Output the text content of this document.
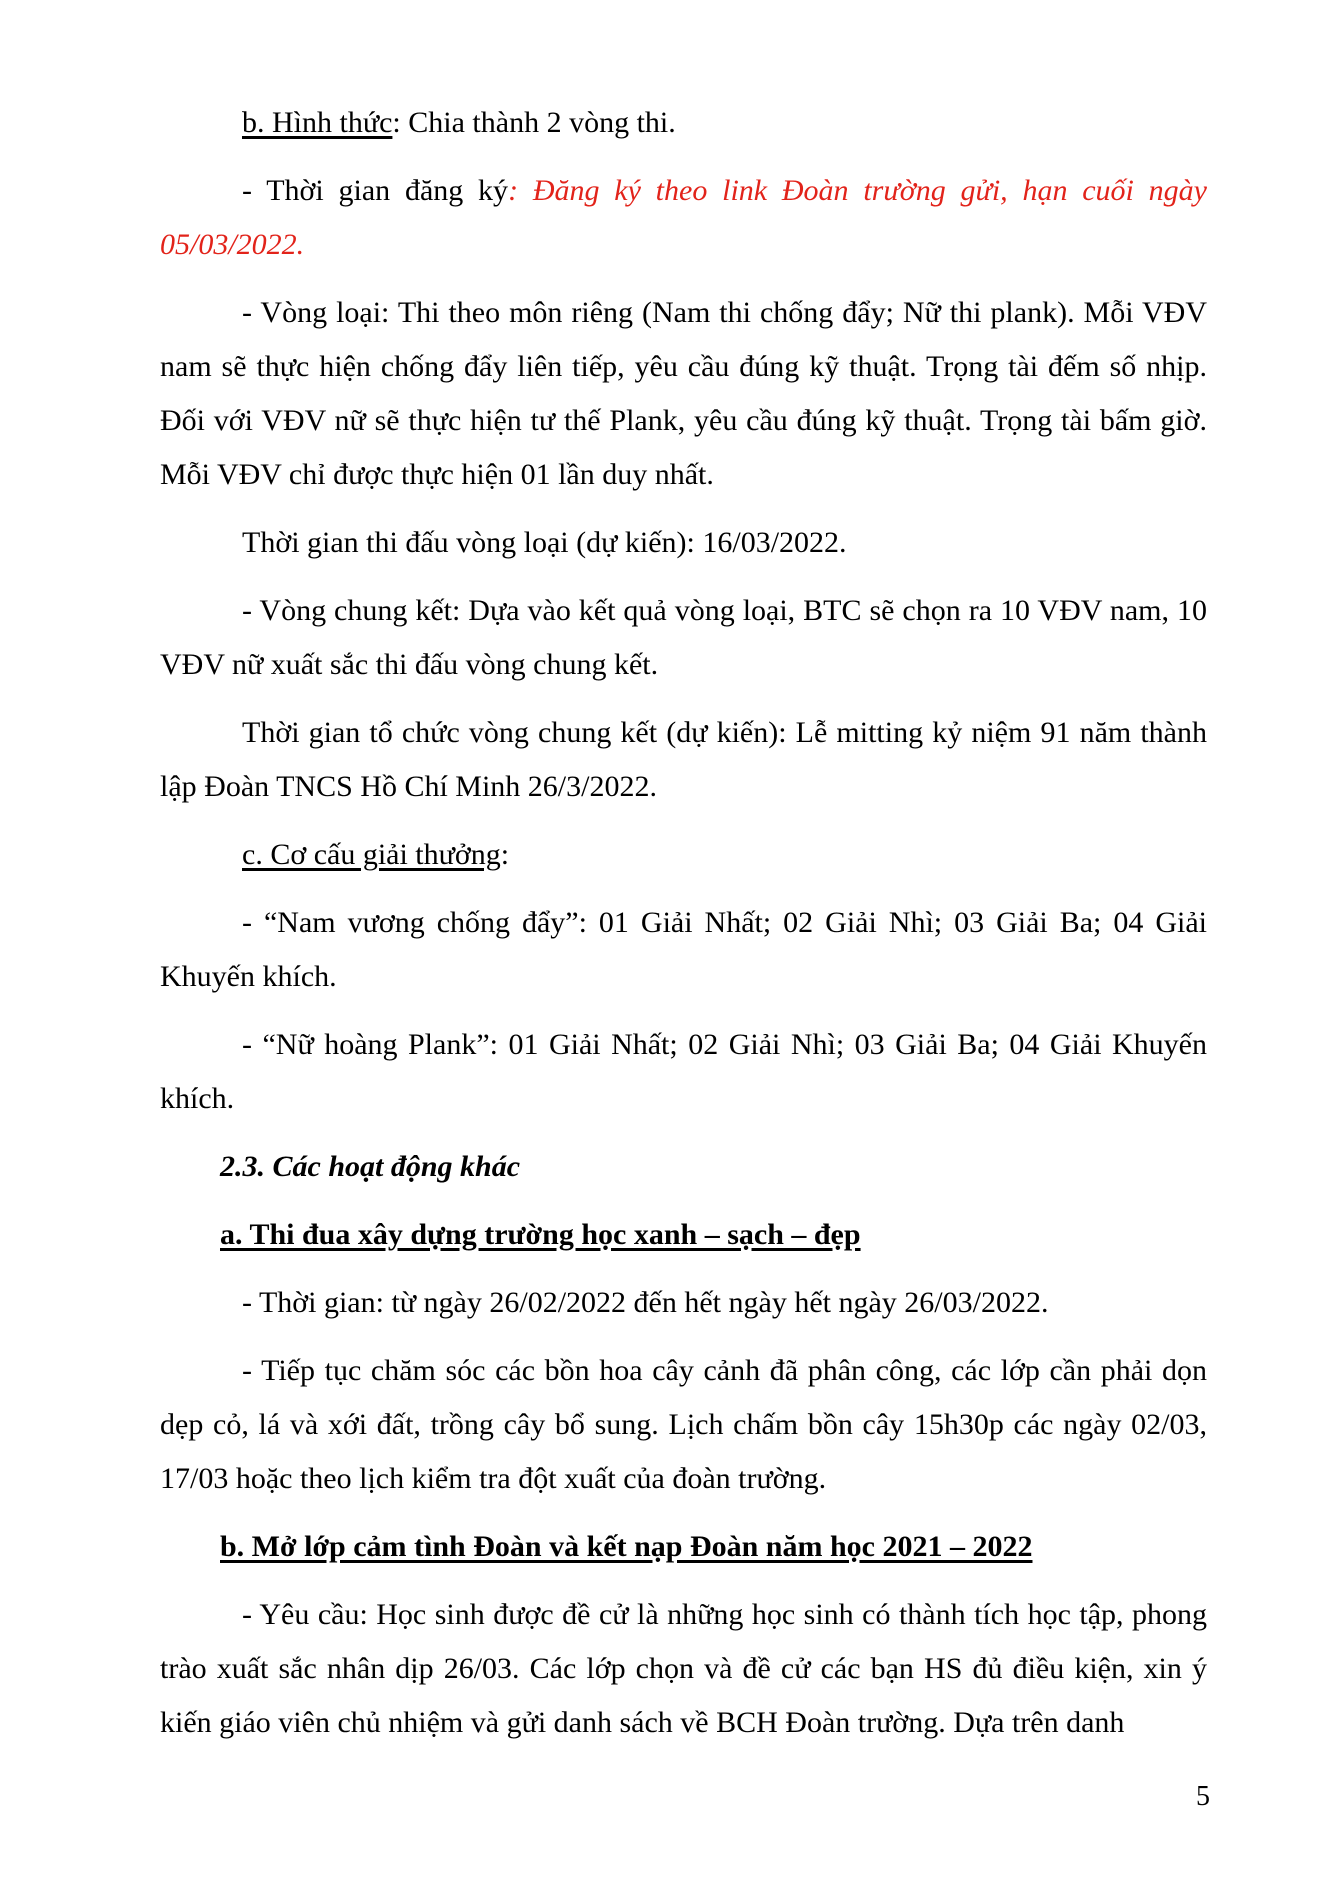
b. Hình thức: Chia thành 2 vòng thi.

- Thời gian đăng ký: Đăng ký theo link Đoàn trường gửi, hạn cuối ngày 05/03/2022.

- Vòng loại: Thi theo môn riêng (Nam thi chống đẩy; Nữ thi plank). Mỗi VĐV nam sẽ thực hiện chống đẩy liên tiếp, yêu cầu đúng kỹ thuật. Trọng tài đếm số nhịp. Đối với VĐV nữ sẽ thực hiện tư thế Plank, yêu cầu đúng kỹ thuật. Trọng tài bấm giờ. Mỗi VĐV chỉ được thực hiện 01 lần duy nhất.

Thời gian thi đấu vòng loại (dự kiến): 16/03/2022.

- Vòng chung kết: Dựa vào kết quả vòng loại, BTC sẽ chọn ra 10 VĐV nam, 10 VĐV nữ xuất sắc thi đấu vòng chung kết.

Thời gian tổ chức vòng chung kết (dự kiến): Lễ mitting kỷ niệm 91 năm thành lập Đoàn TNCS Hồ Chí Minh 26/3/2022.

c. Cơ cấu giải thưởng:

- “Nam vương chống đẩy”: 01 Giải Nhất; 02 Giải Nhì; 03 Giải Ba; 04 Giải Khuyến khích.

- “Nữ hoàng Plank”: 01 Giải Nhất; 02 Giải Nhì; 03 Giải Ba; 04 Giải Khuyến khích.

2.3. Các hoạt động khác
a. Thi đua xây dựng trường học xanh – sạch – đẹp

- Thời gian: từ ngày 26/02/2022 đến hết ngày hết ngày 26/03/2022.

- Tiếp tục chăm sóc các bồn hoa cây cảnh đã phân công, các lớp cần phải dọn dẹp cỏ, lá và xới đất, trồng cây bổ sung. Lịch chấm bồn cây 15h30p các ngày 02/03, 17/03 hoặc theo lịch kiểm tra đột xuất của đoàn trường.

b. Mở lớp cảm tình Đoàn và kết nạp Đoàn năm học 2021 – 2022

- Yêu cầu: Học sinh được đề cử là những học sinh có thành tích học tập, phong trào xuất sắc nhân dịp 26/03. Các lớp chọn và đề cử các bạn HS đủ điều kiện, xin ý kiến giáo viên chủ nhiệm và gửi danh sách về BCH Đoàn trường. Dựa trên danh

5
